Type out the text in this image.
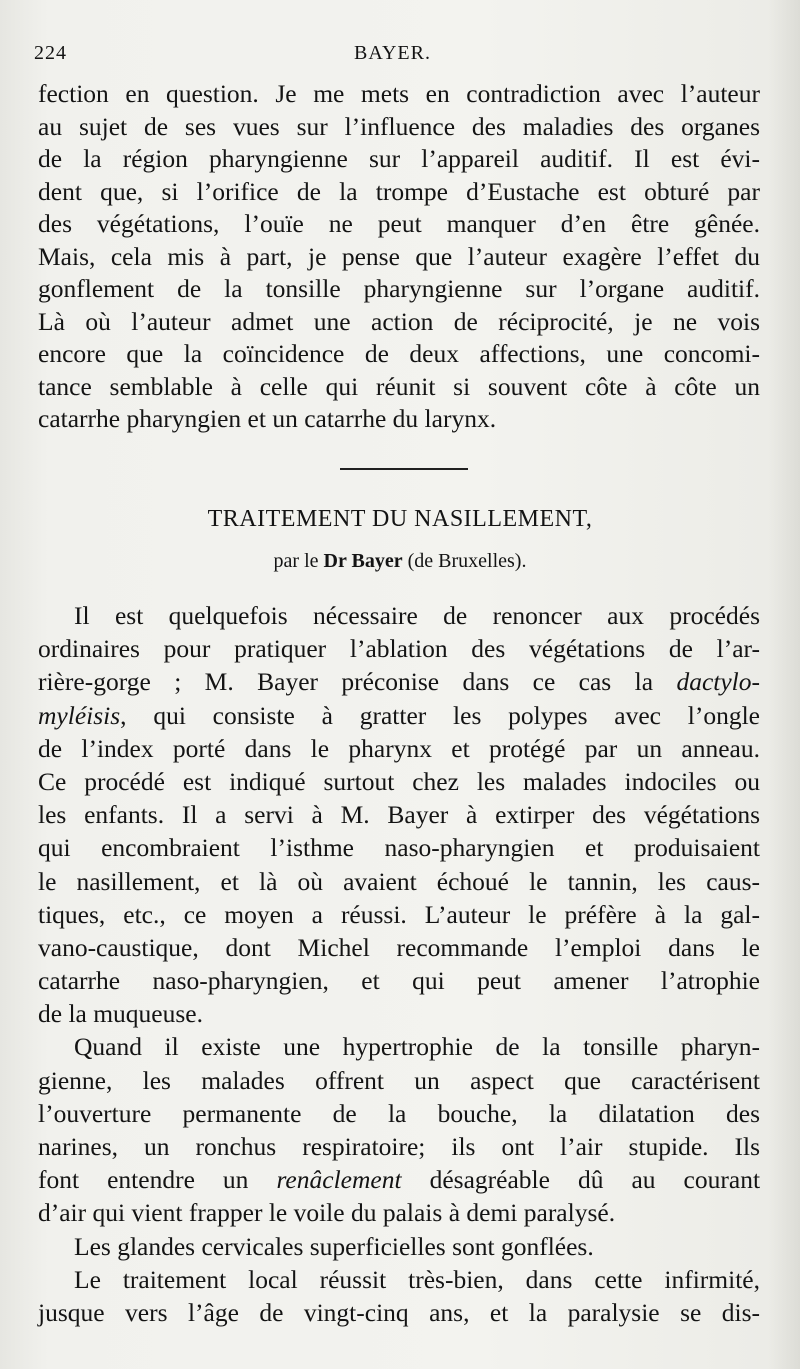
224	BAYER.
fection en question. Je me mets en contradiction avec l’auteur
au sujet de ses vues sur l’influence des maladies des organes
de la région pharyngienne sur l’appareil auditif. Il est évi-
dent que, si l’orifice de la trompe d’Eustache est obturé par
des végétations, l’ouïe ne peut manquer d’en être gênée.
Mais, cela mis à part, je pense que l’auteur exagère l’effet du
gonflement de la tonsille pharyngienne sur l’organe auditif.
Là où l’auteur admet une action de réciprocité, je ne vois
encore que la coïncidence de deux affections, une concomi-
tance semblable à celle qui réunit si souvent côte à côte un
catarrhe pharyngien et un catarrhe du larynx.
TRAITEMENT DU NASILLEMENT,
par le Dr Bayer (de Bruxelles).
Il est quelquefois nécessaire de renoncer aux procédés
ordinaires pour pratiquer l’ablation des végétations de l’ar-
rière-gorge ; M. Bayer préconise dans ce cas la dactylo-
myléisis, qui consiste à gratter les polypes avec l’ongle
de l’index porté dans le pharynx et protégé par un anneau.
Ce procédé est indiqué surtout chez les malades indociles ou
les enfants. Il a servi à M. Bayer à extirper des végétations
qui encombraient l’isthme naso-pharyngien et produisaient
le nasillement, et là où avaient échoué le tannin, les caus-
tiques, etc., ce moyen a réussi. L’auteur le préfère à la gal-
vano-caustique, dont Michel recommande l’emploi dans le
catarrhe naso-pharyngien, et qui peut amener l’atrophie
de la muqueuse.
Quand il existe une hypertrophie de la tonsille pharyn-
gienne, les malades offrent un aspect que caractérisent
l’ouverture permanente de la bouche, la dilatation des
narines, un ronchus respiratoire; ils ont l’air stupide. Ils
font entendre un renâclement désagréable dû au courant
d’air qui vient frapper le voile du palais à demi paralysé.
Les glandes cervicales superficielles sont gonflées.
Le traitement local réussit très-bien, dans cette infirmité,
jusque vers l’âge de vingt-cinq ans, et la paralysie se dis-
